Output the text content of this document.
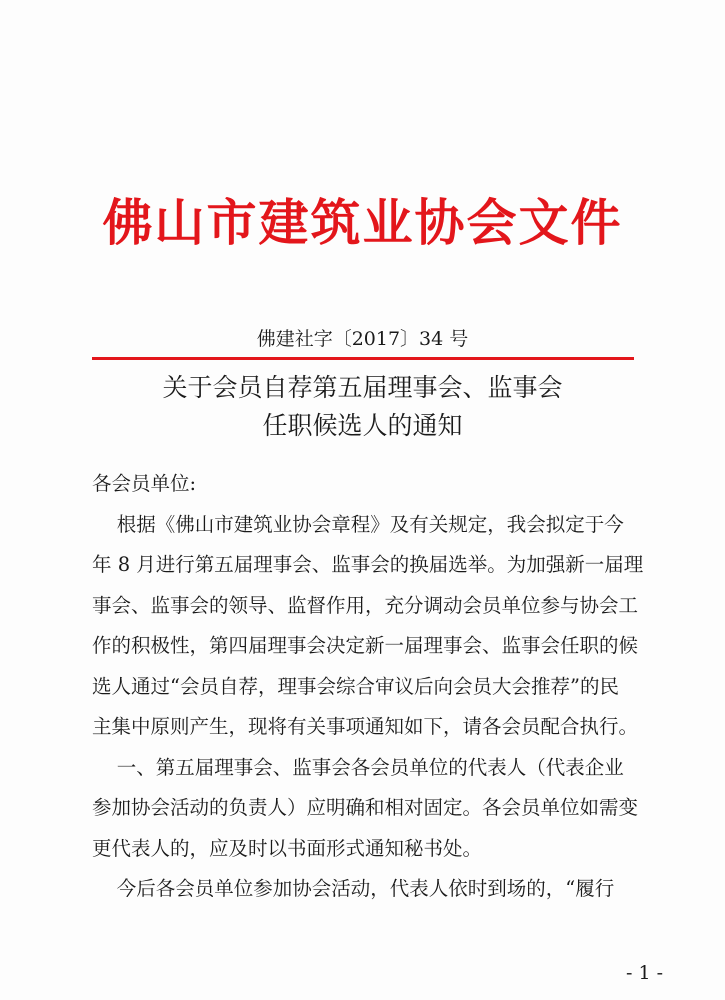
佛山市建筑业协会文件
佛建社字〔2017〕34 号
关于会员自荐第五届理事会、监事会
任职候选人的通知
各会员单位:
根据《佛山市建筑业协会章程》及有关规定，我会拟定于今
年 8 月进行第五届理事会、监事会的换届选举。为加强新一届理
事会、监事会的领导、监督作用，充分调动会员单位参与协会工
作的积极性，第四届理事会决定新一届理事会、监事会任职的候
选人通过“会员自荐，理事会综合审议后向会员大会推荐”的民
主集中原则产生，现将有关事项通知如下，请各会员配合执行。
一、第五届理事会、监事会各会员单位的代表人（代表企业
参加协会活动的负责人）应明确和相对固定。各会员单位如需变
更代表人的，应及时以书面形式通知秘书处。
今后各会员单位参加协会活动，代表人依时到场的，“履行
- 1 -
